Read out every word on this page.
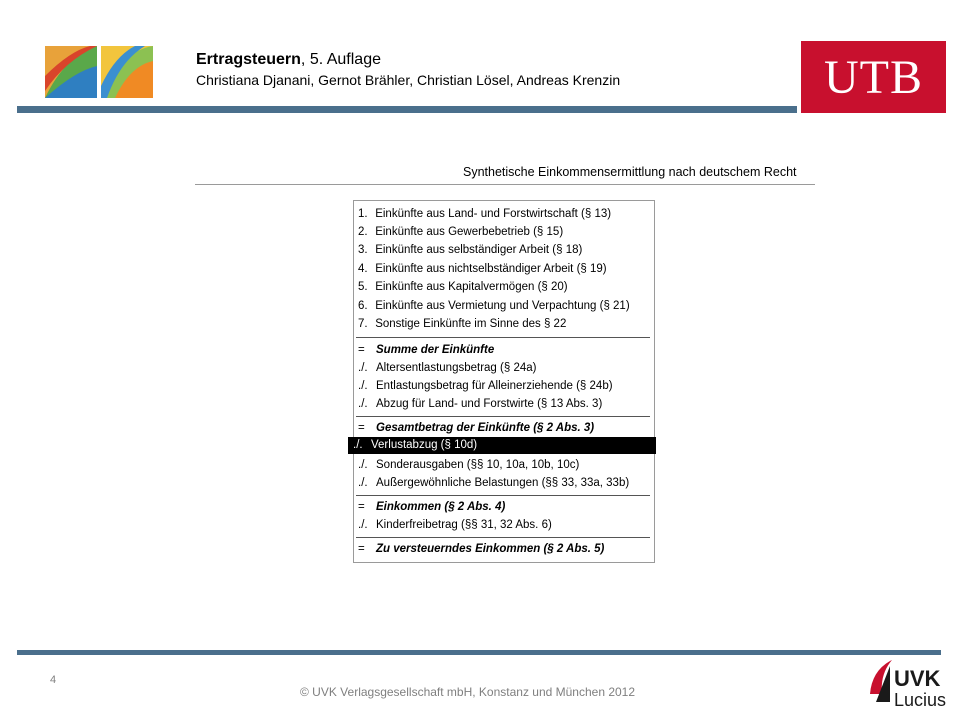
Ertragsteuern, 5. Auflage
Christiana Djanani, Gernot Brähler, Christian Lösel, Andreas Krenzin	UTB
Synthetische Einkommensermittlung nach deutschem Recht
1. Einkünfte aus Land- und Forstwirtschaft (§ 13)
2. Einkünfte aus Gewerbebetrieb (§ 15)
3. Einkünfte aus selbständiger Arbeit (§ 18)
4. Einkünfte aus nichtselbständiger Arbeit (§ 19)
5. Einkünfte aus Kapitalvermögen (§ 20)
6. Einkünfte aus Vermietung und Verpachtung (§ 21)
7. Sonstige Einkünfte im Sinne des § 22
= Summe der Einkünfte
./. Altersentlastungsbetrag (§ 24a)
./. Entlastungsbetrag für Alleinerziehende (§ 24b)
./. Abzug für Land- und Forstwirte (§ 13 Abs. 3)
= Gesamtbetrag der Einkünfte (§ 2 Abs. 3)
./. Sonderausgaben (§§ 10, 10a, 10b, 10c)
./. Außergewöhnliche Belastungen (§§ 33, 33a, 33b)
= Einkommen (§ 2 Abs. 4)
./. Kinderfreibetrag (§§ 31, 32 Abs. 6)
= Zu versteuerndes Einkommen (§ 2 Abs. 5)
./. Verlustabzug (§ 10d)
4
© UVK Verlagsgesellschaft mbH, Konstanz und München 2012
UVK
Lucius
